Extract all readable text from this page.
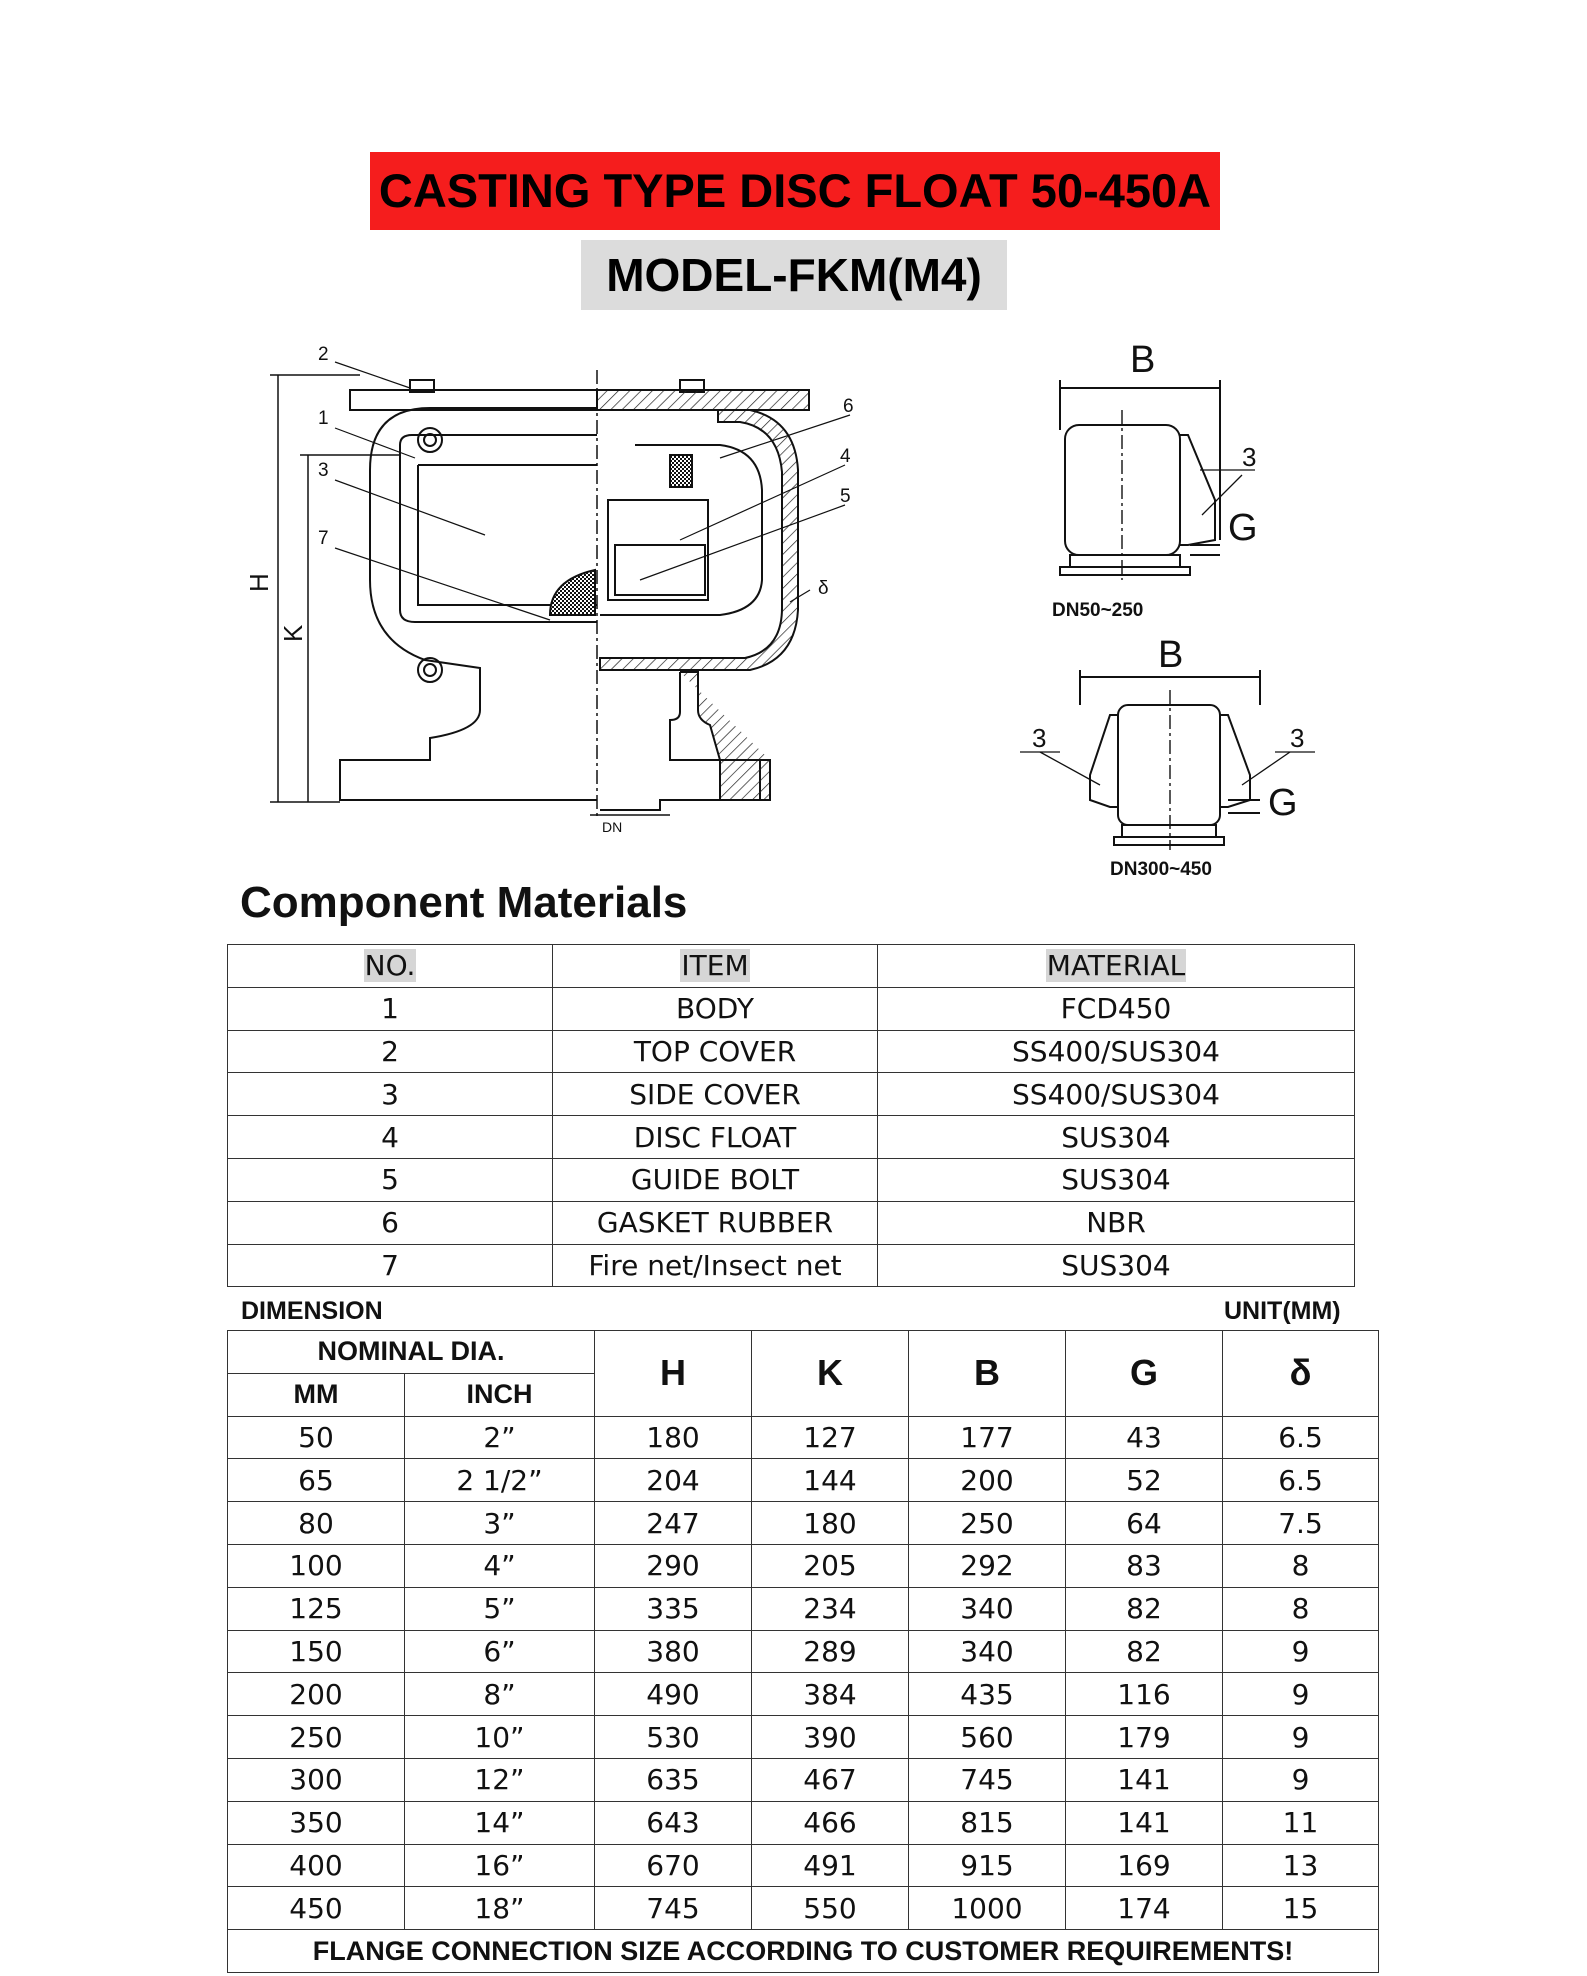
CASTING TYPE DISC FLOAT 50-450A
MODEL-FKM(M4)
2
1
3
7
6
4
5
δ
DN
H
K
B
3
G
DN50~250
B
3	3
G
DN300~450
Component Materials
NO.	ITEM	MATERIAL
1	BODY	FCD450
2	TOP COVER	SS400/SUS304
3	SIDE COVER	SS400/SUS304
4	DISC FLOAT	SUS304
5	GUIDE BOLT	SUS304
6	GASKET RUBBER	NBR
7	Fire net/Insect net	SUS304
DIMENSION	UNIT(MM)
NOMINAL DIA.		H	K	B	G	δ
MM	INCH					
50	2”	180	127	177	43	6.5
65	2 1/2”	204	144	200	52	6.5
80	3”	247	180	250	64	7.5
100	4”	290	205	292	83	8
125	5”	335	234	340	82	8
150	6”	380	289	340	82	9
200	8”	490	384	435	116	9
250	10”	530	390	560	179	9
300	12”	635	467	745	141	9
350	14”	643	466	815	141	11
400	16”	670	491	915	169	13
450	18”	745	550	1000	174	15
FLANGE CONNECTION SIZE ACCORDING TO CUSTOMER REQUIREMENTS!						
